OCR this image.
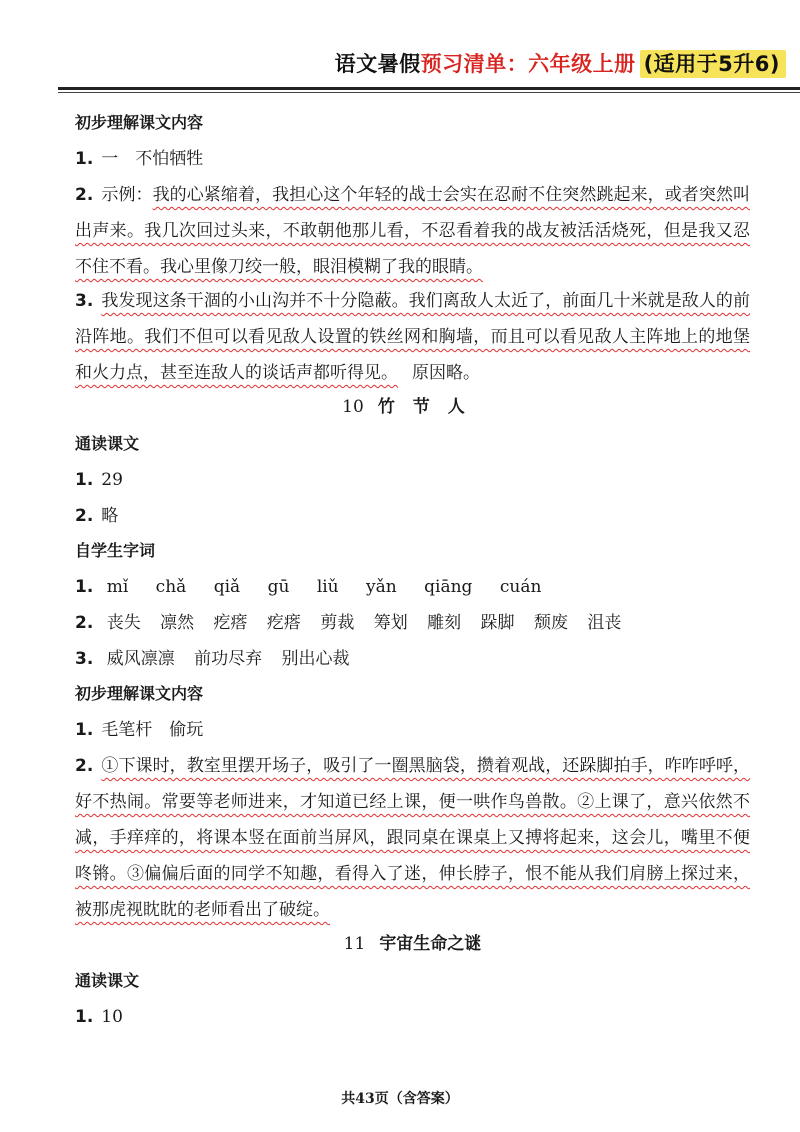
语文暑假预习清单：六年级上册 (适用于5升6)
初步理解课文内容
1. 一　不怕牺牲
2. 示例：我的心紧缩着，我担心这个年轻的战士会实在忍耐不住突然跳起来，或者突然叫出声来。我几次回过头来，不敢朝他那儿看，不忍看着我的战友被活活烧死，但是我又忍不住不看。我心里像刀绞一般，眼泪模糊了我的眼睛。
3. 我发现这条干涸的小山沟并不十分隐蔽。我们离敌人太近了，前面几十米就是敌人的前沿阵地。我们不但可以看见敌人设置的铁丝网和胸墙，而且可以看见敌人主阵地上的地堡和火力点，甚至连敌人的谈话声都听得见。 原因略。
10 竹节人
通读课文
1. 29
2. 略
自学生字词
1. mǐ chǎ qiǎ gū liǔ yǎn qiāng cuán
2. 丧失 凛然 疙瘩 疙瘩 剪裁 筹划 雕刻 跺脚 颓废 沮丧
3. 威风凛凛 前功尽弃 别出心裁
初步理解课文内容
1. 毛笔杆　偷玩
2. ①下课时，教室里摆开场子，吸引了一圈黑脑袋，攒着观战，还跺脚拍手，咋咋呼呼，好不热闹。常要等老师进来，才知道已经上课，便一哄作鸟兽散。②上课了，意兴依然不减，手痒痒的，将课本竖在面前当屏风，跟同桌在课桌上又搏将起来，这会儿，嘴里不便咚锵。③偏偏后面的同学不知趣，看得入了迷，伸长脖子，恨不能从我们肩膀上探过来，被那虎视眈眈的老师看出了破绽。
11 宇宙生命之谜
通读课文
1. 10
共43页（含答案）
